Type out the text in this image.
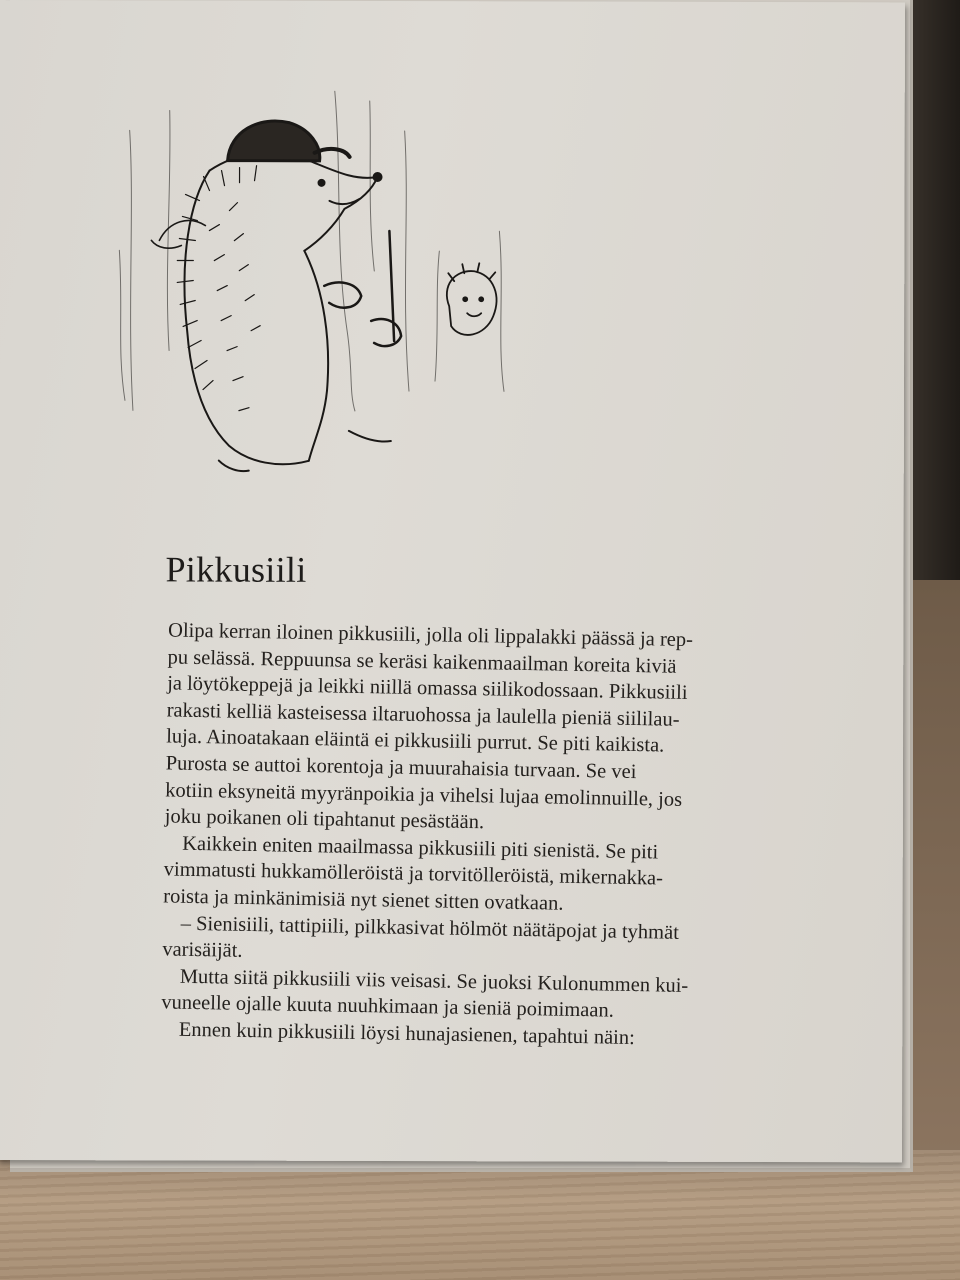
Pikkusiili
Olipa kerran iloinen pikkusiili, jolla oli lippalakki päässä ja rep-
pu selässä. Reppuunsa se keräsi kaikenmaailman koreita kiviä
ja löytökeppejä ja leikki niillä omassa siilikodossaan. Pikkusiili
rakasti kelliä kasteisessa iltaruohossa ja laulella pieniä siililau-
luja. Ainoatakaan eläintä ei pikkusiili purrut. Se piti kaikista.
Purosta se auttoi korentoja ja muurahaisia turvaan. Se vei
kotiin eksyneitä myyränpoikia ja vihelsi lujaa emolinnuille, jos
joku poikanen oli tipahtanut pesästään.
Kaikkein eniten maailmassa pikkusiili piti sienistä. Se piti
vimmatusti hukkamölleröistä ja torvitölleröistä, mikernakka-
roista ja minkänimisiä nyt sienet sitten ovatkaan.
– Sienisiili, tattipiili, pilkkasivat hölmöt näätäpojat ja tyhmät
varisäijät.
Mutta siitä pikkusiili viis veisasi. Se juoksi Kulonummen kui-
vuneelle ojalle kuuta nuuhkimaan ja sieniä poimimaan.
Ennen kuin pikkusiili löysi hunajasienen, tapahtui näin:
